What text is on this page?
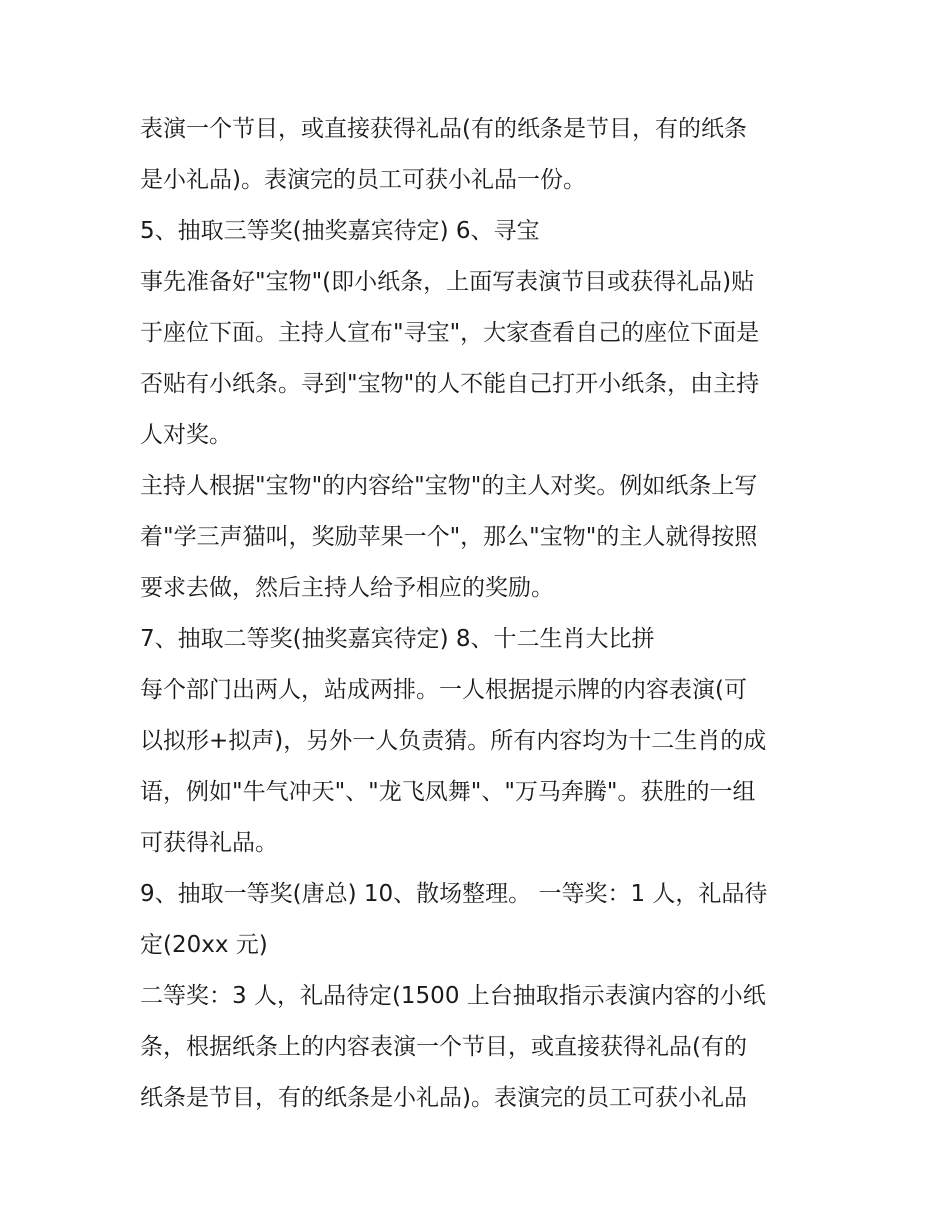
表演一个节目，或直接获得礼品(有的纸条是节目，有的纸条
是小礼品)。表演完的员工可获小礼品一份。
5、抽取三等奖(抽奖嘉宾待定) 6、寻宝
事先准备好"宝物"(即小纸条，上面写表演节目或获得礼品)贴
于座位下面。主持人宣布"寻宝"，大家查看自己的座位下面是
否贴有小纸条。寻到"宝物"的人不能自己打开小纸条，由主持
人对奖。
主持人根据"宝物"的内容给"宝物"的主人对奖。例如纸条上写
着"学三声猫叫，奖励苹果一个"，那么"宝物"的主人就得按照
要求去做，然后主持人给予相应的奖励。
7、抽取二等奖(抽奖嘉宾待定) 8、十二生肖大比拼
每个部门出两人，站成两排。一人根据提示牌的内容表演(可
以拟形+拟声)，另外一人负责猜。所有内容均为十二生肖的成
语，例如"牛气冲天"、"龙飞凤舞"、"万马奔腾"。获胜的一组
可获得礼品。
9、抽取一等奖(唐总) 10、散场整理。 一等奖：1 人，礼品待
定(20xx 元)
二等奖：3 人，礼品待定(1500 上台抽取指示表演内容的小纸
条，根据纸条上的内容表演一个节目，或直接获得礼品(有的
纸条是节目，有的纸条是小礼品)。表演完的员工可获小礼品
